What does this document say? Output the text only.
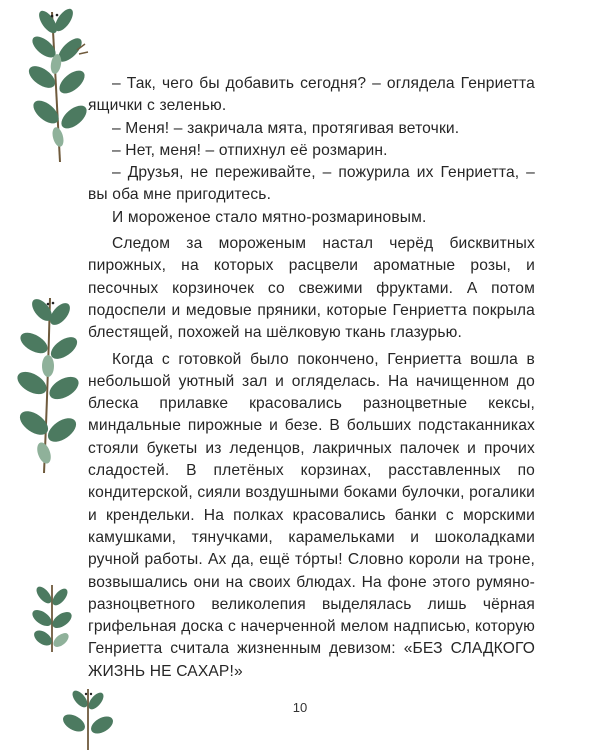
– Так, чего бы добавить сегодня? – оглядела Генриетта ящички с зеленью.

– Меня! – закричала мята, протягивая веточки.

– Нет, меня! – отпихнул её розмарин.

– Друзья, не переживайте, – пожурила их Генриетта, – вы оба мне пригодитесь.

И мороженое стало мятно-розмариновым.

Следом за мороженым настал черёд бисквитных пирожных, на которых расцвели ароматные розы, и песочных корзиночек со свежими фруктами. А потом подоспели и медовые пряники, которые Генриетта покрыла блестящей, похожей на шёлковую ткань глазурью.

Когда с готовкой было покончено, Генриетта вошла в небольшой уютный зал и огляделась. На начищенном до блеска прилавке красовались разноцветные кексы, миндальные пирожные и безе. В больших подстаканниках стояли букеты из леденцов, лакричных палочек и прочих сладостей. В плетёных корзинах, расставленных по кондитерской, сияли воздушными боками булочки, рогалики и крендельки. На полках красовались банки с морскими камушками, тянучками, карамельками и шоколадками ручной работы. Ах да, ещё тóрты! Словно короли на троне, возвышались они на своих блюдах. На фоне этого румяно-разноцветного великолепия выделялась лишь чёрная грифельная доска с начерченной мелом надписью, которую Генриетта считала жизненным девизом: «БЕЗ СЛАДКОГО ЖИЗНЬ НЕ САХАР!»

10
